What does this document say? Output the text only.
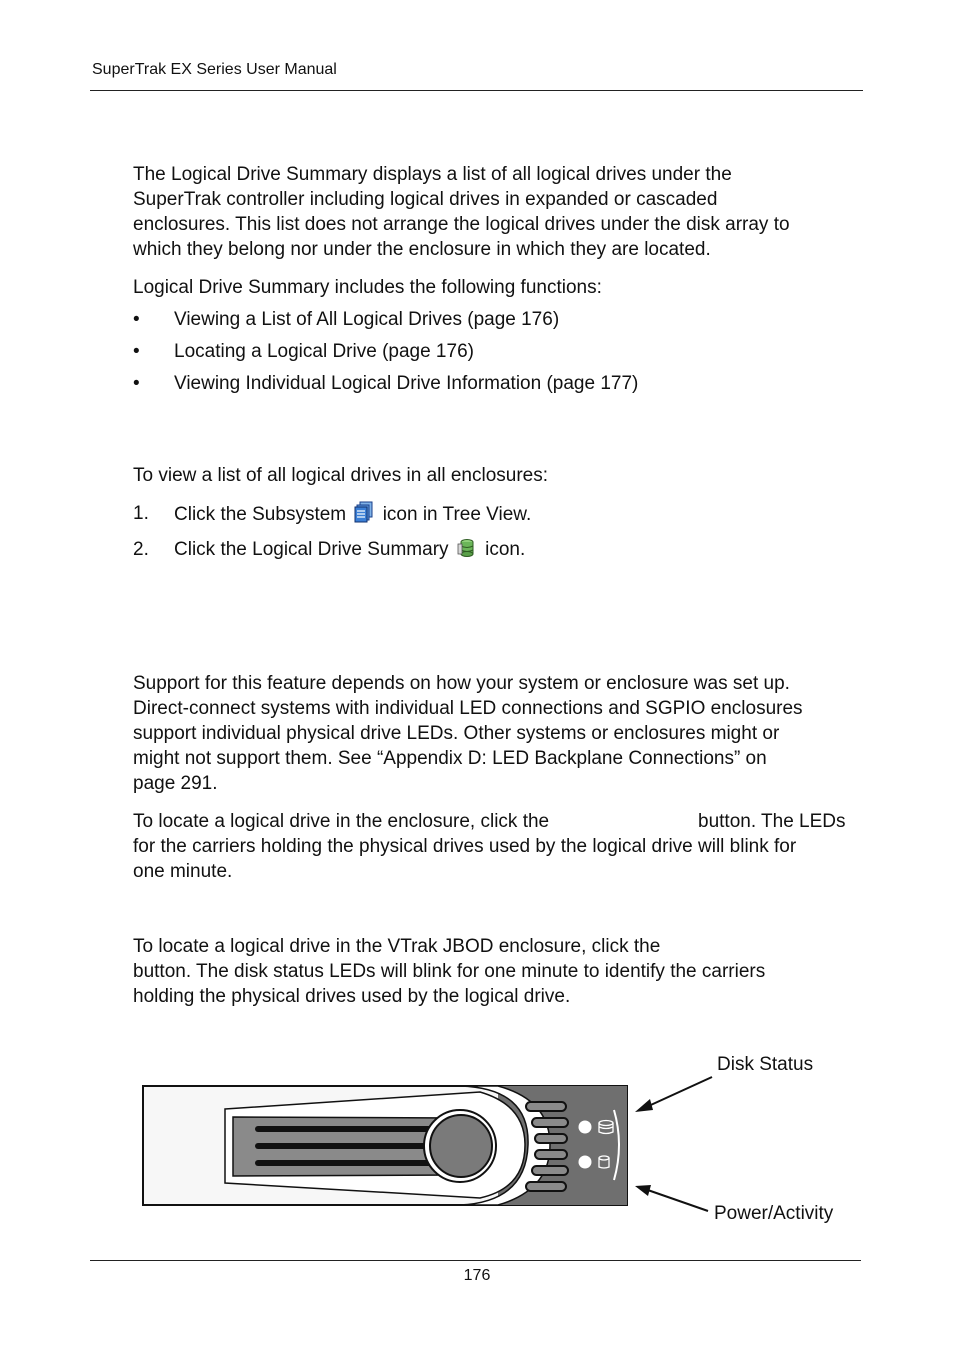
SuperTrak EX Series User Manual
The Logical Drive Summary displays a list of all logical drives under the
SuperTrak controller including logical drives in expanded or cascaded
enclosures. This list does not arrange the logical drives under the disk array to
which they belong nor under the enclosure in which they are located.
Logical Drive Summary includes the following functions:
• Viewing a List of All Logical Drives (page 176)
• Locating a Logical Drive (page 176)
• Viewing Individual Logical Drive Information (page 177)
To view a list of all logical drives in all enclosures:
1. Click the Subsystem icon in Tree View.
2. Click the Logical Drive Summary icon.
Support for this feature depends on how your system or enclosure was set up.
Direct-connect systems with individual LED connections and SGPIO enclosures
support individual physical drive LEDs. Other systems or enclosures might or
might not support them. See “Appendix D: LED Backplane Connections” on
page 291.
To locate a logical drive in the enclosure, click the	button. The LEDs
for the carriers holding the physical drives used by the logical drive will blink for
one minute.
To locate a logical drive in the VTrak JBOD enclosure, click the
button. The disk status LEDs will blink for one minute to identify the carriers
holding the physical drives used by the logical drive.
Disk Status
Power/Activity
176
